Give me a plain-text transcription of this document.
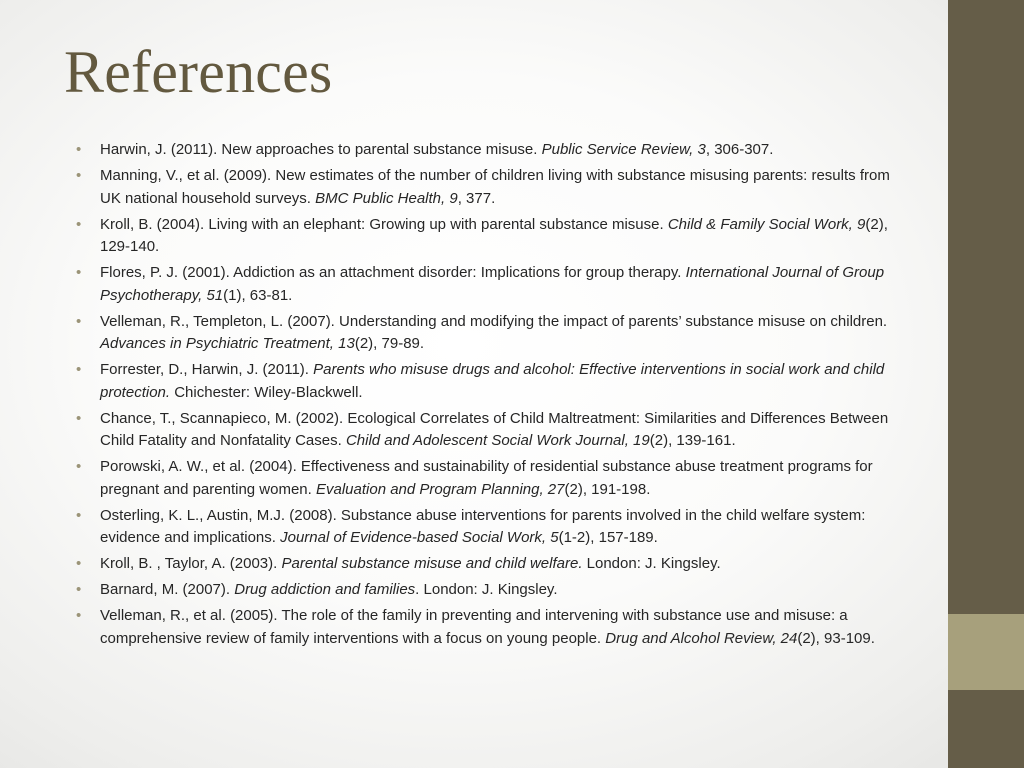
References
•	Harwin, J. (2011). New approaches to parental substance misuse. Public Service Review, 3, 306-307.
•	Manning, V., et al. (2009). New estimates of the number of children living with substance misusing parents: results from UK national household surveys. BMC Public Health, 9, 377.
•	Kroll, B. (2004). Living with an elephant: Growing up with parental substance misuse. Child & Family Social Work, 9(2), 129-140.
•	Flores, P. J. (2001). Addiction as an attachment disorder: Implications for group therapy. International Journal of Group Psychotherapy, 51(1), 63-81.
•	Velleman, R., Templeton, L. (2007). Understanding and modifying the impact of parents’ substance misuse on children. Advances in Psychiatric Treatment, 13(2), 79-89.
•	Forrester, D., Harwin, J. (2011). Parents who misuse drugs and alcohol: Effective interventions in social work and child protection. Chichester: Wiley-Blackwell.
•	Chance, T., Scannapieco, M. (2002). Ecological Correlates of Child Maltreatment: Similarities and Differences Between Child Fatality and Nonfatality Cases. Child and Adolescent Social Work Journal, 19(2), 139-161.
•	Porowski, A. W., et al. (2004). Effectiveness and sustainability of residential substance abuse treatment programs for pregnant and parenting women. Evaluation and Program Planning, 27(2), 191-198.
•	Osterling, K. L., Austin, M.J. (2008). Substance abuse interventions for parents involved in the child welfare system: evidence and implications. Journal of Evidence-based Social Work, 5(1-2), 157-189.
•	Kroll, B. , Taylor, A. (2003). Parental substance misuse and child welfare. London: J. Kingsley.
•	Barnard, M. (2007). Drug addiction and families. London: J. Kingsley.
•	Velleman, R., et al. (2005). The role of the family in preventing and intervening with substance use and misuse: a comprehensive review of family interventions with a focus on young people. Drug and Alcohol Review, 24(2), 93-109.
